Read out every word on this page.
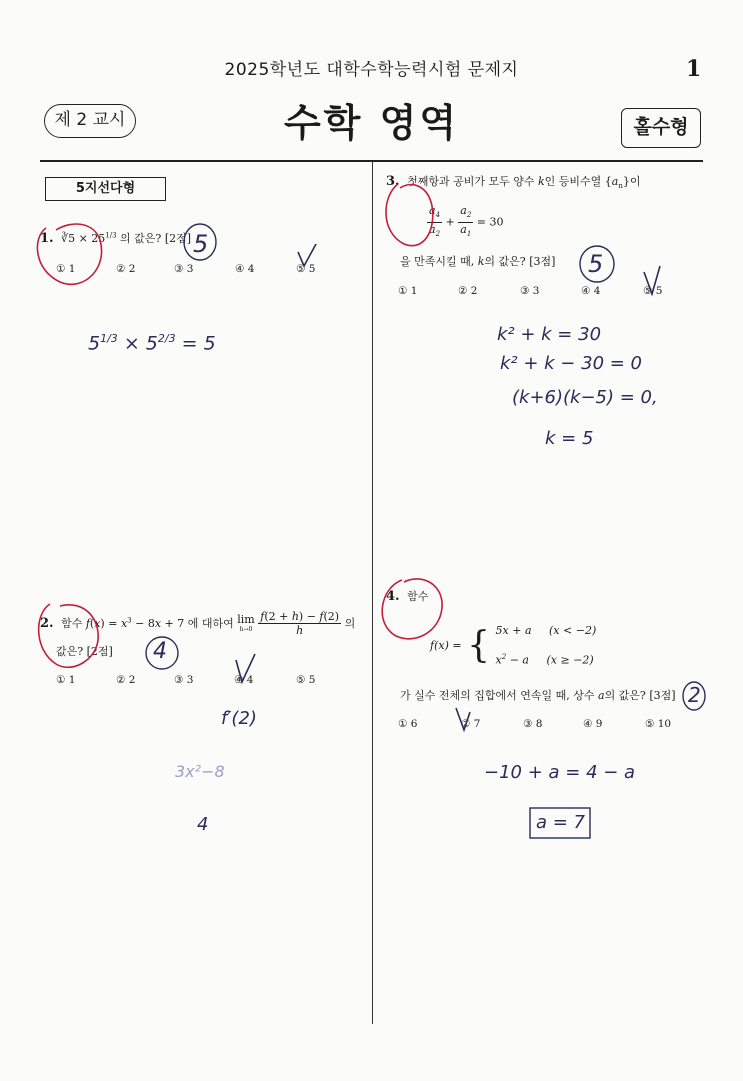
2025학년도 대학수학능력시험 문제지	1
제 2 교시	수학 영역	홀수형
5지선다형
1. ∛5 × $25^{1/3}$ 의 값은? [2점]
① 1	② 2	③ 3	④ 4	⑤ 5
5
$5^{1/3} \times 5^{2/3} = 5$
2. 함수 $f(x) = x^3 - 8x + 7$ 에 대하여 lim
h→0
$\frac{f(2 + h) - f(2)}{h}$ 의
값은? [2점]
① 1	② 2	③ 3	④ 4	⑤ 5
4
f′(2)
3x²−8
4
3. 첫째항과 공비가 모두 양수 k인 등비수열 $\{a_n\}$이
$\frac{a_4}{a_2} + \frac{a_2}{a_1} = 30$
을 만족시킬 때, k의 값은? [3점]
① 1	② 2	③ 3	④ 4	⑤ 5
5
k² + k = 30
k² + k − 30 = 0
(k+6)(k−5) = 0,
k = 5
4. 함수
f(x) = { 5x + a     (x < −2)
$x^2 - a$     (x ≥ −2)
가 실수 전체의 집합에서 연속일 때, 상수 a의 값은? [3점]
① 6	② 7	③ 8	④ 9	⑤ 10
2
−10 + a = 4 − a
a = 7
